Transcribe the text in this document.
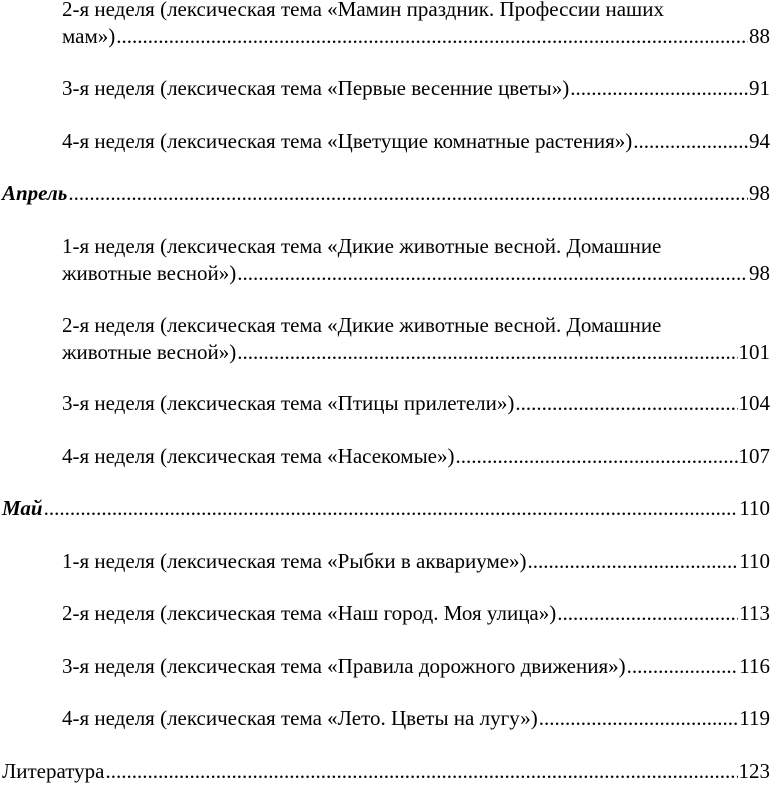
2-я неделя (лексическая тема «Мамин праздник. Профессии наших
мам») .....	88
3-я неделя (лексическая тема «Первые весенние цветы») .....	91
4-я неделя (лексическая тема «Цветущие комнатные растения») .....	94
Апрель .....	98
1-я неделя (лексическая тема «Дикие животные весной. Домашние
животные весной») .....	98
2-я неделя (лексическая тема «Дикие животные весной. Домашние
животные весной») .....	101
3-я неделя (лексическая тема «Птицы прилетели») .....	104
4-я неделя (лексическая тема «Насекомые») .....	107
Май .....	110
1-я неделя (лексическая тема «Рыбки в аквариуме») .....	110
2-я неделя (лексическая тема «Наш город. Моя улица») .....	113
3-я неделя (лексическая тема «Правила дорожного движения») .....	116
4-я неделя (лексическая тема «Лето. Цветы на лугу») .....	119
Литература .....	123
